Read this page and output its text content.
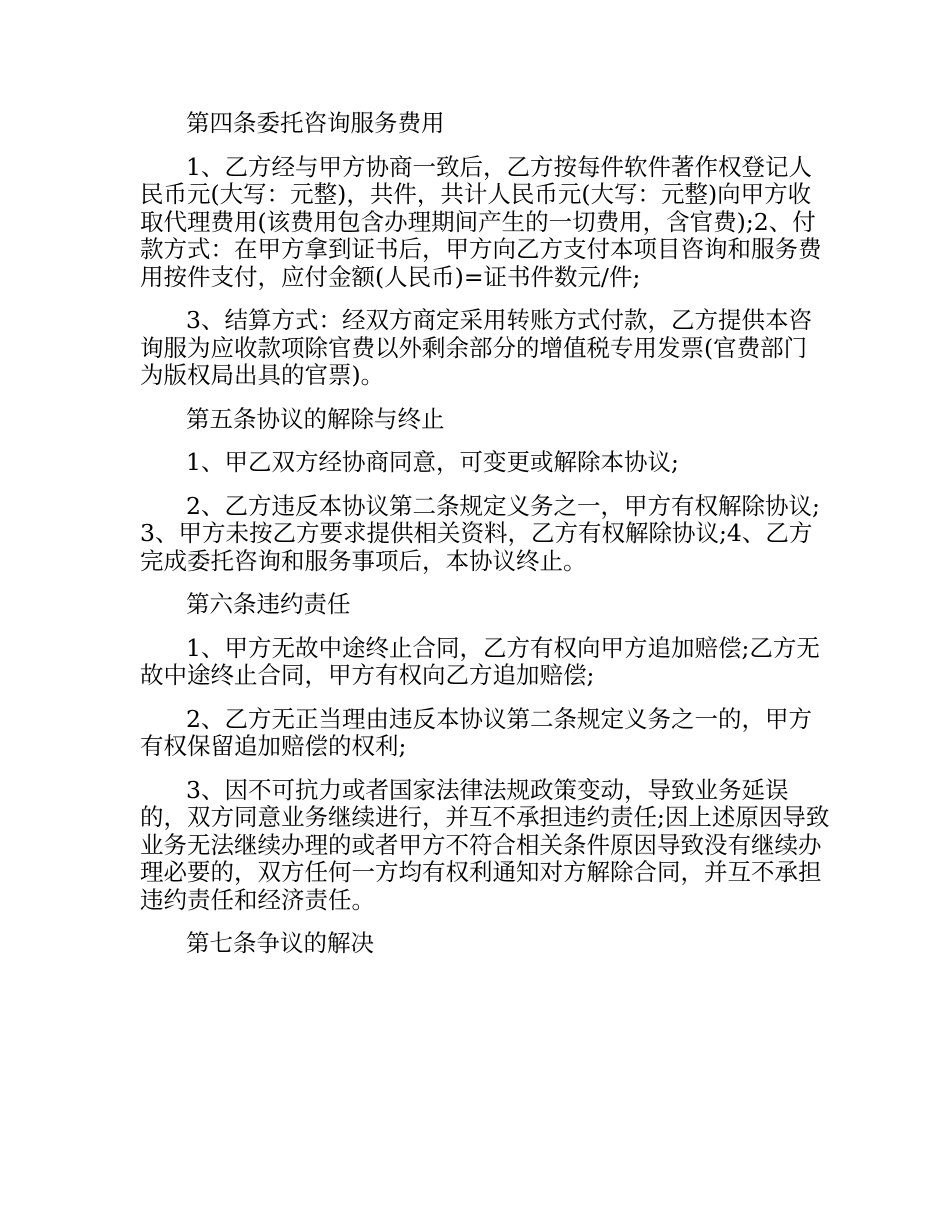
第四条委托咨询服务费用

1、乙方经与甲方协商一致后，乙方按每件软件著作权登记人民币元(大写：元整)，共件，共计人民币元(大写：元整)向甲方收取代理费用(该费用包含办理期间产生的一切费用，含官费);2、付款方式：在甲方拿到证书后，甲方向乙方支付本项目咨询和服务费用按件支付，应付金额(人民币)=证书件数元/件;

3、结算方式：经双方商定采用转账方式付款，乙方提供本咨询服为应收款项除官费以外剩余部分的增值税专用发票(官费部门为版权局出具的官票)。

第五条协议的解除与终止

1、甲乙双方经协商同意，可变更或解除本协议;

2、乙方违反本协议第二条规定义务之一，甲方有权解除协议;3、甲方未按乙方要求提供相关资料，乙方有权解除协议;4、乙方完成委托咨询和服务事项后，本协议终止。

第六条违约责任

1、甲方无故中途终止合同，乙方有权向甲方追加赔偿;乙方无故中途终止合同，甲方有权向乙方追加赔偿;

2、乙方无正当理由违反本协议第二条规定义务之一的，甲方有权保留追加赔偿的权利;

3、因不可抗力或者国家法律法规政策变动，导致业务延误的，双方同意业务继续进行，并互不承担违约责任;因上述原因导致业务无法继续办理的或者甲方不符合相关条件原因导致没有继续办理必要的，双方任何一方均有权利通知对方解除合同，并互不承担违约责任和经济责任。

第七条争议的解决
